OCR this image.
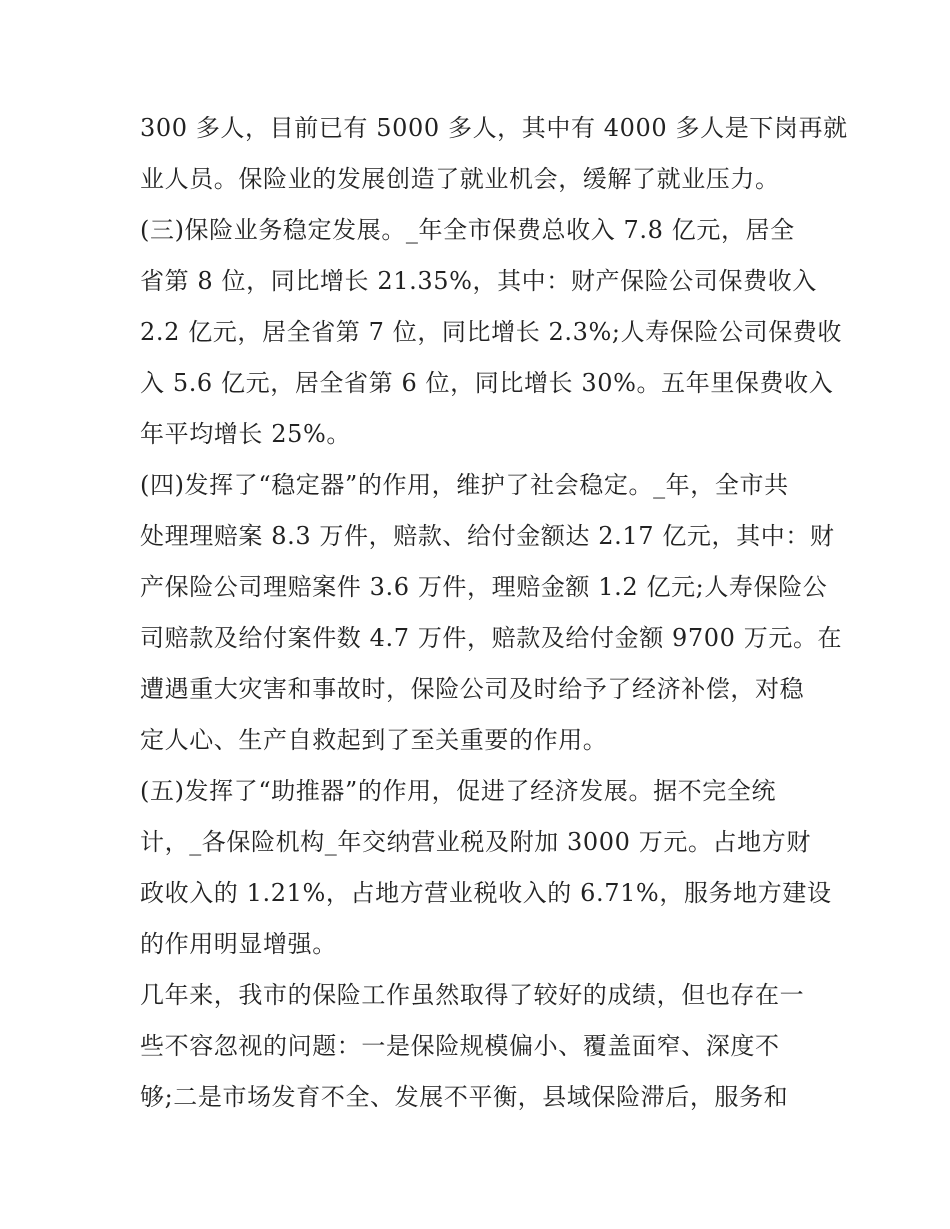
300 多人，目前已有 5000 多人，其中有 4000 多人是下岗再就
业人员。保险业的发展创造了就业机会，缓解了就业压力。
(三)保险业务稳定发展。_年全市保费总收入 7.8 亿元，居全
省第 8 位，同比增长 21.35%，其中：财产保险公司保费收入
2.2 亿元，居全省第 7 位，同比增长 2.3%;人寿保险公司保费收
入 5.6 亿元，居全省第 6 位，同比增长 30%。五年里保费收入
年平均增长 25%。
(四)发挥了“稳定器”的作用，维护了社会稳定。_年，全市共
处理理赔案 8.3 万件，赔款、给付金额达 2.17 亿元，其中：财
产保险公司理赔案件 3.6 万件，理赔金额 1.2 亿元;人寿保险公
司赔款及给付案件数 4.7 万件，赔款及给付金额 9700 万元。在
遭遇重大灾害和事故时，保险公司及时给予了经济补偿，对稳
定人心、生产自救起到了至关重要的作用。
(五)发挥了“助推器”的作用，促进了经济发展。据不完全统
计，_各保险机构_年交纳营业税及附加 3000 万元。占地方财
政收入的 1.21%，占地方营业税收入的 6.71%，服务地方建设
的作用明显增强。
几年来，我市的保险工作虽然取得了较好的成绩，但也存在一
些不容忽视的问题：一是保险规模偏小、覆盖面窄、深度不
够;二是市场发育不全、发展不平衡，县域保险滞后，服务和
